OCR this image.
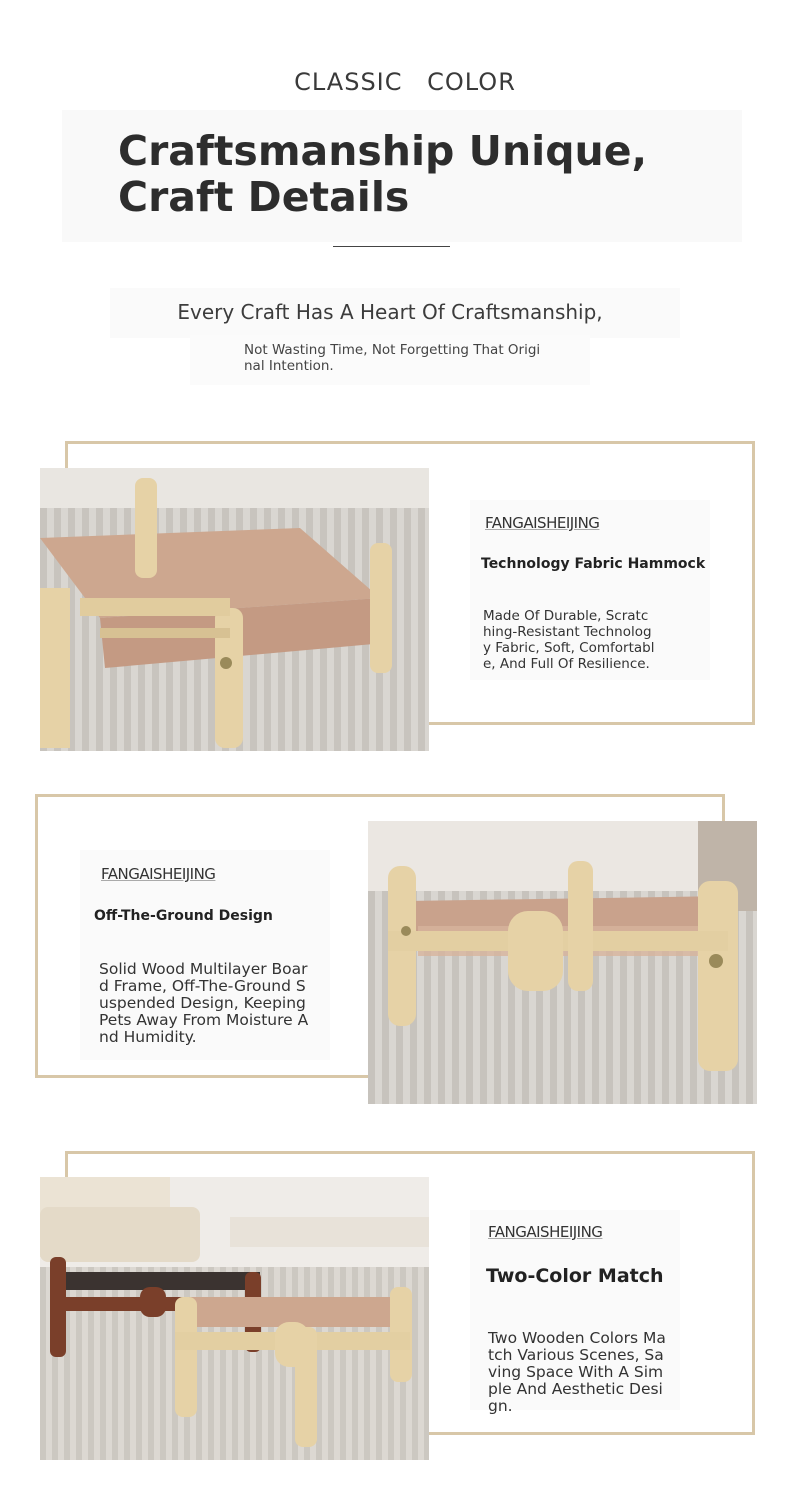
CLASSIC COLOR
Craftsmanship Unique, Craft Details
Every Craft Has A Heart Of Craftsmanship,
Not Wasting Time, Not Forgetting That Original Intention.
FANGAISHEIJING
Technology Fabric Hammock
Made Of Durable, Scratching-Resistant Technology Fabric, Soft, Comfortable, And Full Of Resilience.
FANGAISHEIJING
Off-The-Ground Design
Solid Wood Multilayer Board Frame, Off-The-Ground Suspended Design, Keeping Pets Away From Moisture And Humidity.
FANGAISHEIJING
Two-Color Match
Two Wooden Colors Match Various Scenes, Saving Space With A Simple And Aesthetic Design.
